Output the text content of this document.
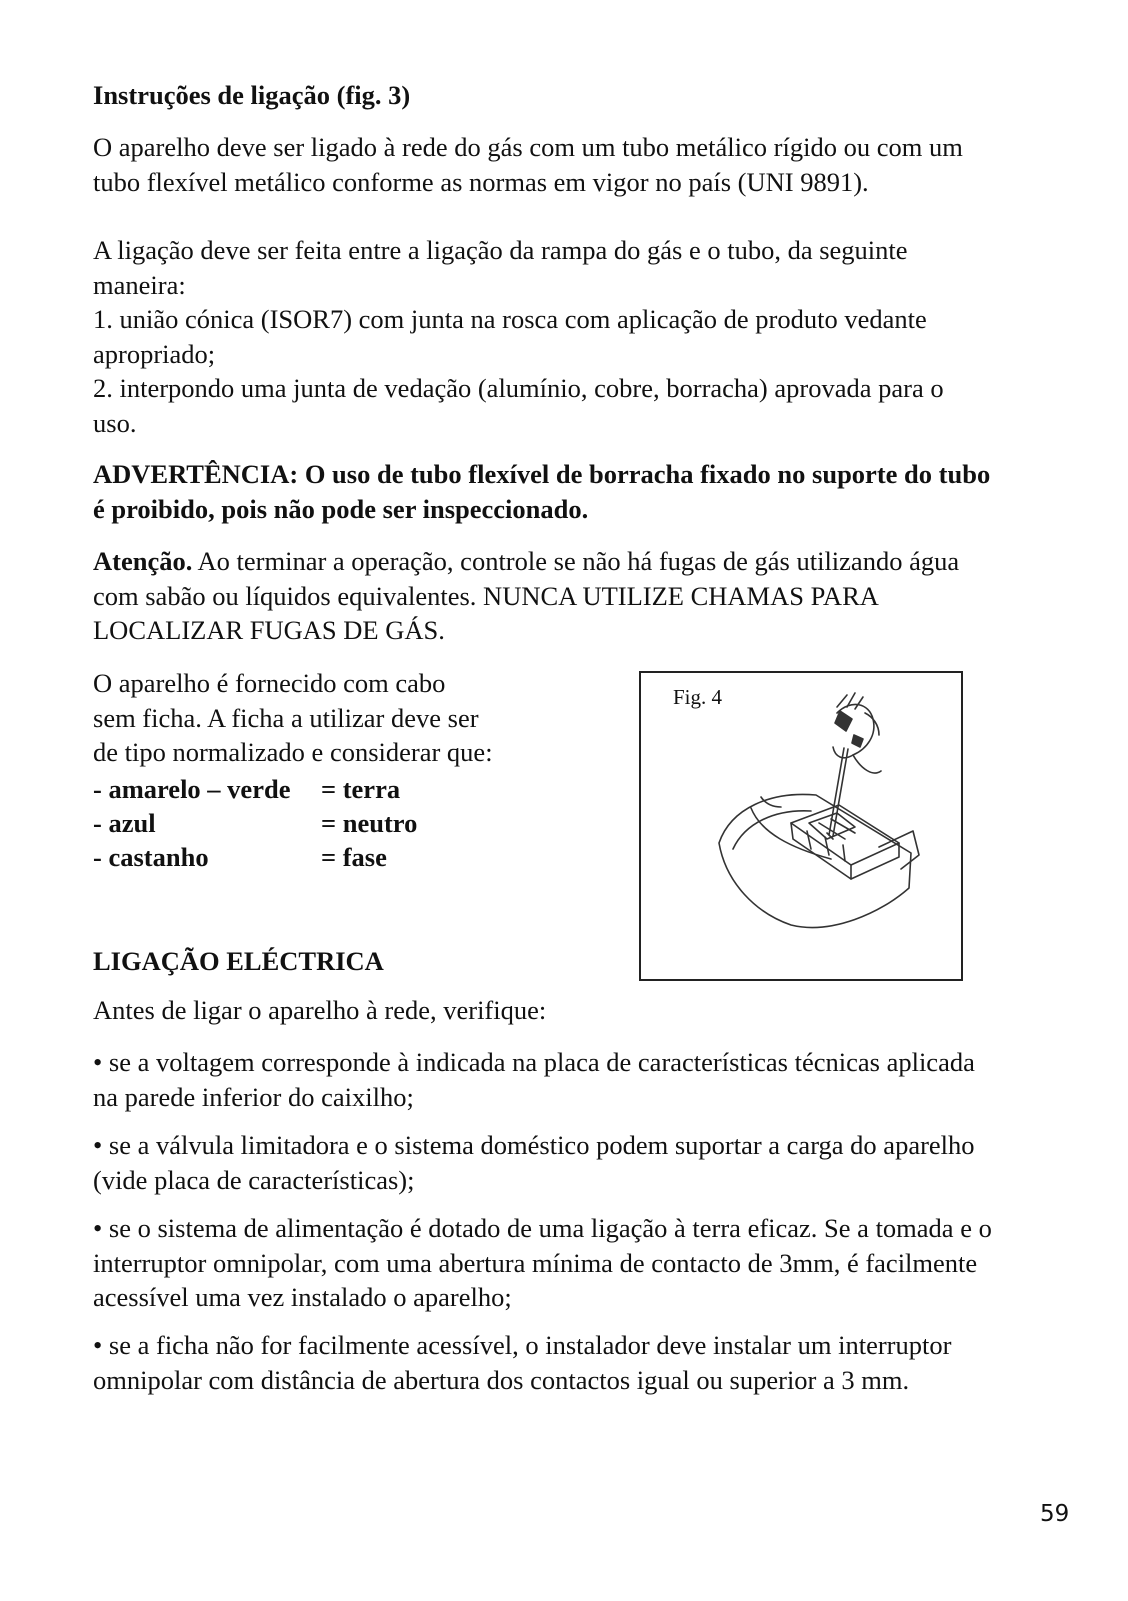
Instruções de ligação (fig. 3)

O aparelho deve ser ligado à rede do gás com um tubo metálico rígido ou com um tubo flexível metálico conforme as normas em vigor no país (UNI 9891).

A ligação deve ser feita entre a ligação da rampa do gás e o tubo, da seguinte maneira:

1. união cónica (ISOR7) com junta na rosca com aplicação de produto vedante apropriado;

2. interpondo uma junta de vedação (alumínio, cobre, borracha) aprovada para o uso.

ADVERTÊNCIA: O uso de tubo flexível de borracha fixado no suporte do tubo é proibido, pois não pode ser inspeccionado.

Atenção. Ao terminar a operação, controle se não há fugas de gás utilizando água com sabão ou líquidos equivalentes. NUNCA UTILIZE CHAMAS PARA LOCALIZAR FUGAS DE GÁS.

O aparelho é fornecido com cabo
sem ficha. A ficha a utilizar deve ser
de tipo normalizado e considerar que:
- amarelo – verde = terra
- azul	= neutro
- castanho	= fase
Fig. 4
LIGAÇÃO ELÉCTRICA

Antes de ligar o aparelho à rede, verifique:

• se a voltagem corresponde à indicada na placa de características técnicas aplicada na parede inferior do caixilho;

• se a válvula limitadora e o sistema doméstico podem suportar a carga do aparelho (vide placa de características);

• se o sistema de alimentação é dotado de uma ligação à terra eficaz. Se a tomada e o interruptor omnipolar, com uma abertura mínima de contacto de 3mm, é facilmente acessível uma vez instalado o aparelho;

• se a ficha não for facilmente acessível, o instalador deve instalar um interruptor omnipolar com distância de abertura dos contactos igual ou superior a 3 mm.

59
